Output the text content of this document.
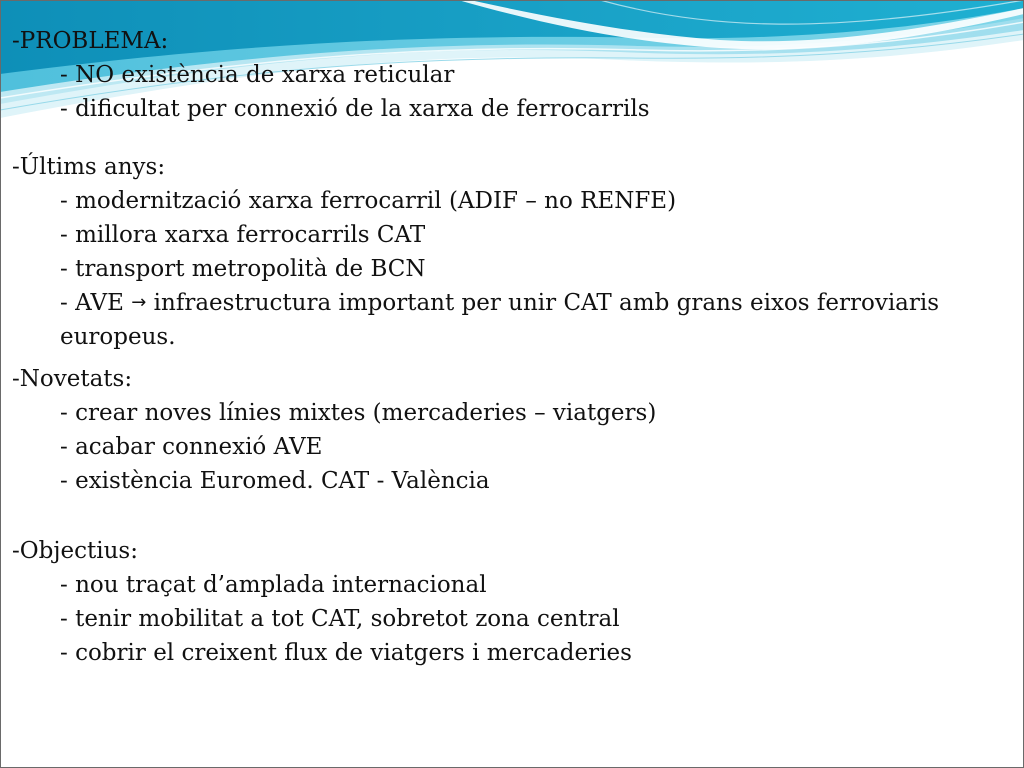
-PROBLEMA:
- NO existència de xarxa reticular
- dificultat per connexió de la xarxa de ferrocarrils
-Últims anys:
- modernització xarxa ferrocarril (ADIF – no RENFE)
- millora xarxa ferrocarrils CAT
- transport metropolità de BCN
- AVE → infraestructura important per unir CAT amb grans eixos ferroviaris europeus.
-Novetats:
- crear noves línies mixtes (mercaderies – viatgers)
- acabar connexió AVE
- existència Euromed. CAT - València
-Objectius:
- nou traçat d’amplada internacional
- tenir mobilitat a tot CAT, sobretot zona central
- cobrir el creixent flux de viatgers i mercaderies
